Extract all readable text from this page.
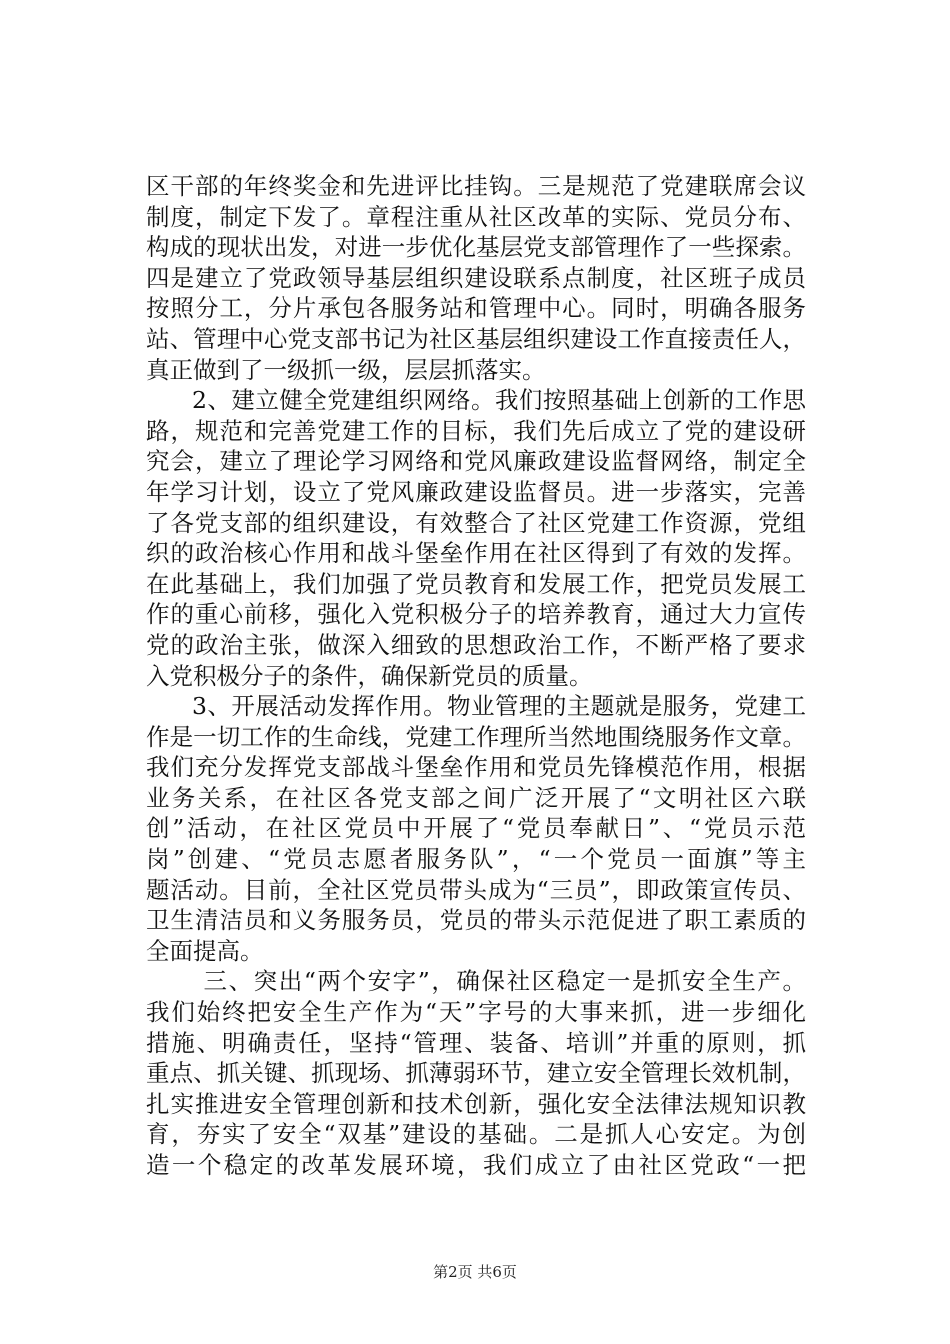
区干部的年终奖金和先进评比挂钩。三是规范了党建联席会议
制度，制定下发了。章程注重从社区改革的实际、党员分布、
构成的现状出发，对进一步优化基层党支部管理作了一些探索。
四是建立了党政领导基层组织建设联系点制度，社区班子成员
按照分工，分片承包各服务站和管理中心。同时，明确各服务
站、管理中心党支部书记为社区基层组织建设工作直接责任人，
真正做到了一级抓一级，层层抓落实。
2、建立健全党建组织网络。我们按照基础上创新的工作思
路，规范和完善党建工作的目标，我们先后成立了党的建设研
究会，建立了理论学习网络和党风廉政建设监督网络，制定全
年学习计划，设立了党风廉政建设监督员。进一步落实，完善
了各党支部的组织建设，有效整合了社区党建工作资源，党组
织的政治核心作用和战斗堡垒作用在社区得到了有效的发挥。
在此基础上，我们加强了党员教育和发展工作，把党员发展工
作的重心前移，强化入党积极分子的培养教育，通过大力宣传
党的政治主张，做深入细致的思想政治工作，不断严格了要求
入党积极分子的条件，确保新党员的质量。
3、开展活动发挥作用。物业管理的主题就是服务，党建工
作是一切工作的生命线，党建工作理所当然地围绕服务作文章。
我们充分发挥党支部战斗堡垒作用和党员先锋模范作用，根据
业务关系，在社区各党支部之间广泛开展了“文明社区六联
创”活动，在社区党员中开展了“党员奉献日”、“党员示范
岗”创建、“党员志愿者服务队”，“一个党员一面旗”等主
题活动。目前，全社区党员带头成为“三员”，即政策宣传员、
卫生清洁员和义务服务员，党员的带头示范促进了职工素质的
全面提高。
三、突出“两个安字”，确保社区稳定一是抓安全生产。
我们始终把安全生产作为“天”字号的大事来抓，进一步细化
措施、明确责任，坚持“管理、装备、培训”并重的原则，抓
重点、抓关键、抓现场、抓薄弱环节，建立安全管理长效机制，
扎实推进安全管理创新和技术创新，强化安全法律法规知识教
育，夯实了安全“双基”建设的基础。二是抓人心安定。为创
造一个稳定的改革发展环境，我们成立了由社区党政“一把
第2页 共6页
